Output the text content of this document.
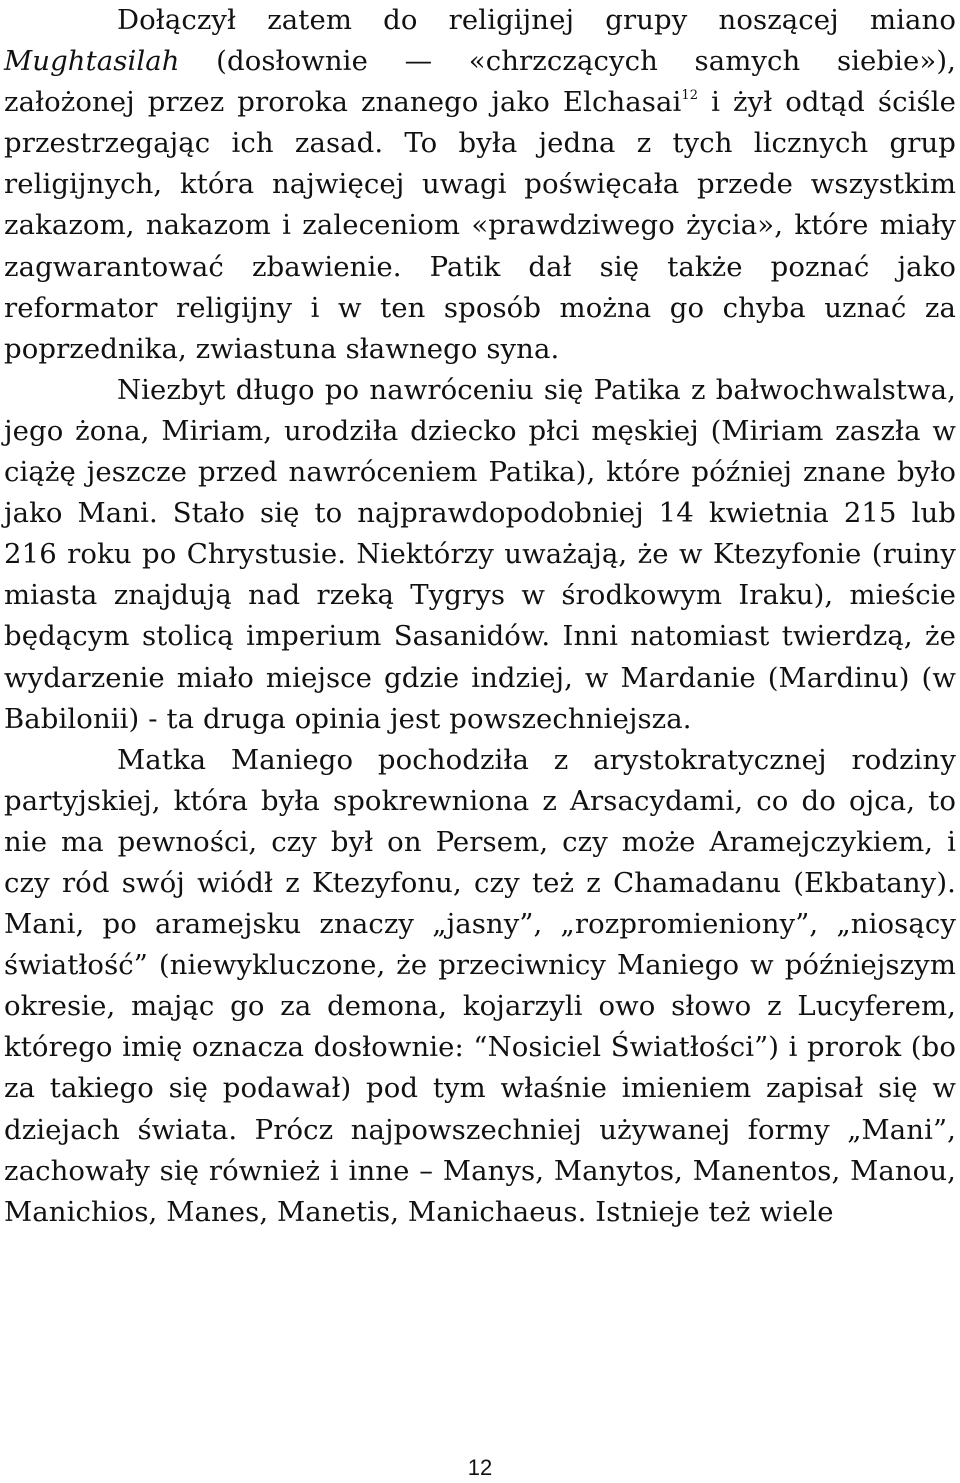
Dołączył zatem do religijnej grupy noszącej miano Mughtasilah (dosłownie — «chrzczących samych siebie»), założonej przez proroka znanego jako Elchasai$^{12}$ i żył odtąd ściśle przestrzegając ich zasad. To była jedna z tych licznych grup religijnych, która najwięcej uwagi poświęcała przede wszystkim zakazom, nakazom i zaleceniom «prawdziwego życia», które miały zagwarantować zbawienie. Patik dał się także poznać jako reformator religijny i w ten sposób można go chyba uznać za poprzednika, zwiastuna sławnego syna.

Niezbyt długo po nawróceniu się Patika z bałwochwalstwa, jego żona, Miriam, urodziła dziecko płci męskiej (Miriam zaszła w ciążę jeszcze przed nawróceniem Patika), które później znane było jako Mani. Stało się to najprawdopodobniej 14 kwietnia 215 lub 216 roku po Chrystusie. Niektórzy uważają, że w Ktezyfonie (ruiny miasta znajdują nad rzeką Tygrys w środkowym Iraku), mieście będącym stolicą imperium Sasanidów. Inni natomiast twierdzą, że wydarzenie miało miejsce gdzie indziej, w Mardanie (Mardinu) (w Babilonii) - ta druga opinia jest powszechniejsza.

Matka Maniego pochodziła z arystokratycznej rodziny partyjskiej, która była spokrewniona z Arsacydami, co do ojca, to nie ma pewności, czy był on Persem, czy może Aramejczykiem, i czy ród swój wiódł z Ktezyfonu, czy też z Chamadanu (Ekbatany). Mani, po aramejsku znaczy „jasny”, „rozpromieniony”, „niosący światłość” (niewykluczone, że przeciwnicy Maniego w późniejszym okresie, mając go za demona, kojarzyli owo słowo z Lucyferem, którego imię oznacza dosłownie: “Nosiciel Światłości”) i prorok (bo za takiego się podawał) pod tym właśnie imieniem zapisał się w dziejach świata. Prócz najpowszechniej używanej formy „Mani”, zachowały się również i inne – Manys, Manytos, Manentos, Manou, Manichios, Manes, Manetis, Manichaeus. Istnieje też wiele

12
